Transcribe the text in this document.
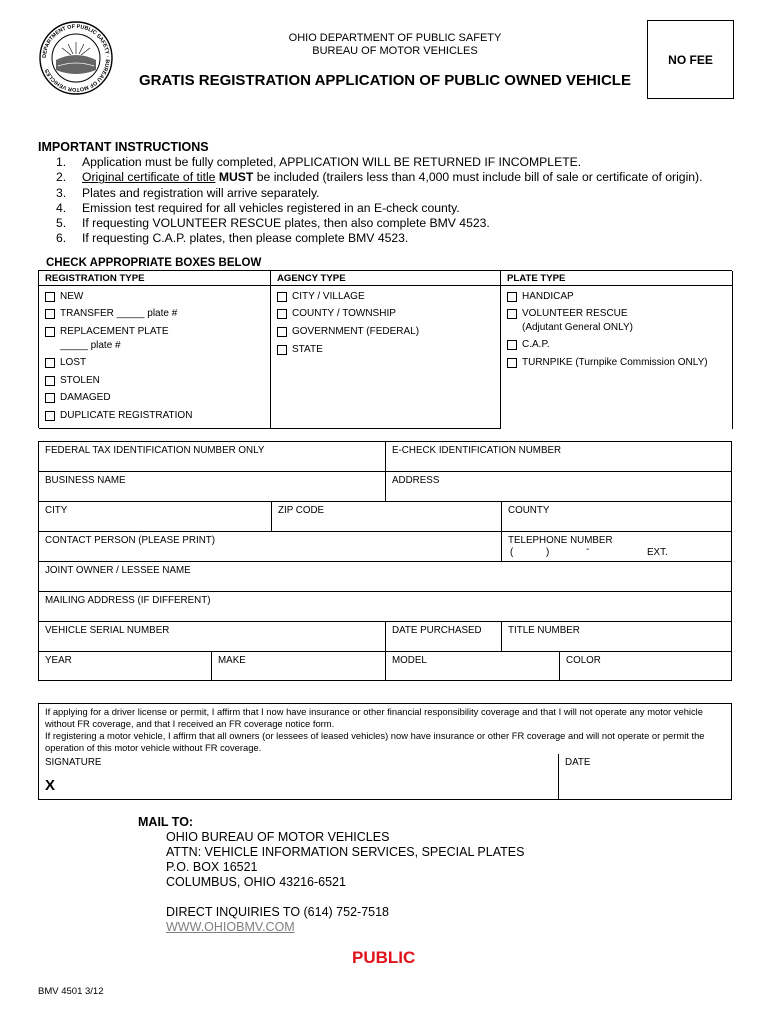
DEPARTMENT OF PUBLIC SAFETY · BUREAU OF MOTOR VEHICLES
OHIO DEPARTMENT OF PUBLIC SAFETY
BUREAU OF MOTOR VEHICLES
GRATIS REGISTRATION APPLICATION OF PUBLIC OWNED VEHICLE
NO FEE
IMPORTANT INSTRUCTIONS
1. Application must be fully completed, APPLICATION WILL BE RETURNED IF INCOMPLETE.
2. Original certificate of title MUST be included (trailers less than 4,000 must include bill of sale or certificate of origin).
3. Plates and registration will arrive separately.
4. Emission test required for all vehicles registered in an E-check county.
5. If requesting VOLUNTEER RESCUE plates, then also complete BMV 4523.
6. If requesting C.A.P. plates, then please complete BMV 4523.
CHECK APPROPRIATE BOXES BELOW
REGISTRATION TYPE
NEW
TRANSFER _____ plate #
REPLACEMENT PLATE
_____ plate #
LOST
STOLEN
DAMAGED
DUPLICATE REGISTRATION
AGENCY TYPE
CITY / VILLAGE
COUNTY / TOWNSHIP
GOVERNMENT (FEDERAL)
STATE
PLATE TYPE
HANDICAP
VOLUNTEER RESCUE
(Adjutant General ONLY)
C.A.P.
TURNPIKE (Turnpike Commission ONLY)
FEDERAL TAX IDENTIFICATION NUMBER ONLY	E-CHECK IDENTIFICATION NUMBER
BUSINESS NAME	ADDRESS
CITY	ZIP CODE	COUNTY
CONTACT PERSON (PLEASE PRINT)	TELEPHONE NUMBER
(	)	-	EXT.
JOINT OWNER / LESSEE NAME
MAILING ADDRESS (IF DIFFERENT)
VEHICLE SERIAL NUMBER	DATE PURCHASED	TITLE NUMBER
YEAR	MAKE	MODEL	COLOR
If applying for a driver license or permit, I affirm that I now have insurance or other financial responsibility coverage and that I will not operate any motor vehicle without FR coverage, and that I received an FR coverage notice form.
If registering a motor vehicle, I affirm that all owners (or lessees of leased vehicles) now have insurance or other FR coverage and will not operate or permit the operation of this motor vehicle without FR coverage.
SIGNATURE
X
DATE
MAIL TO:
OHIO BUREAU OF MOTOR VEHICLES
ATTN: VEHICLE INFORMATION SERVICES, SPECIAL PLATES
P.O. BOX 16521
COLUMBUS, OHIO 43216-6521
DIRECT INQUIRIES TO (614) 752-7518
WWW.OHIOBMV.COM
PUBLIC
BMV 4501 3/12
